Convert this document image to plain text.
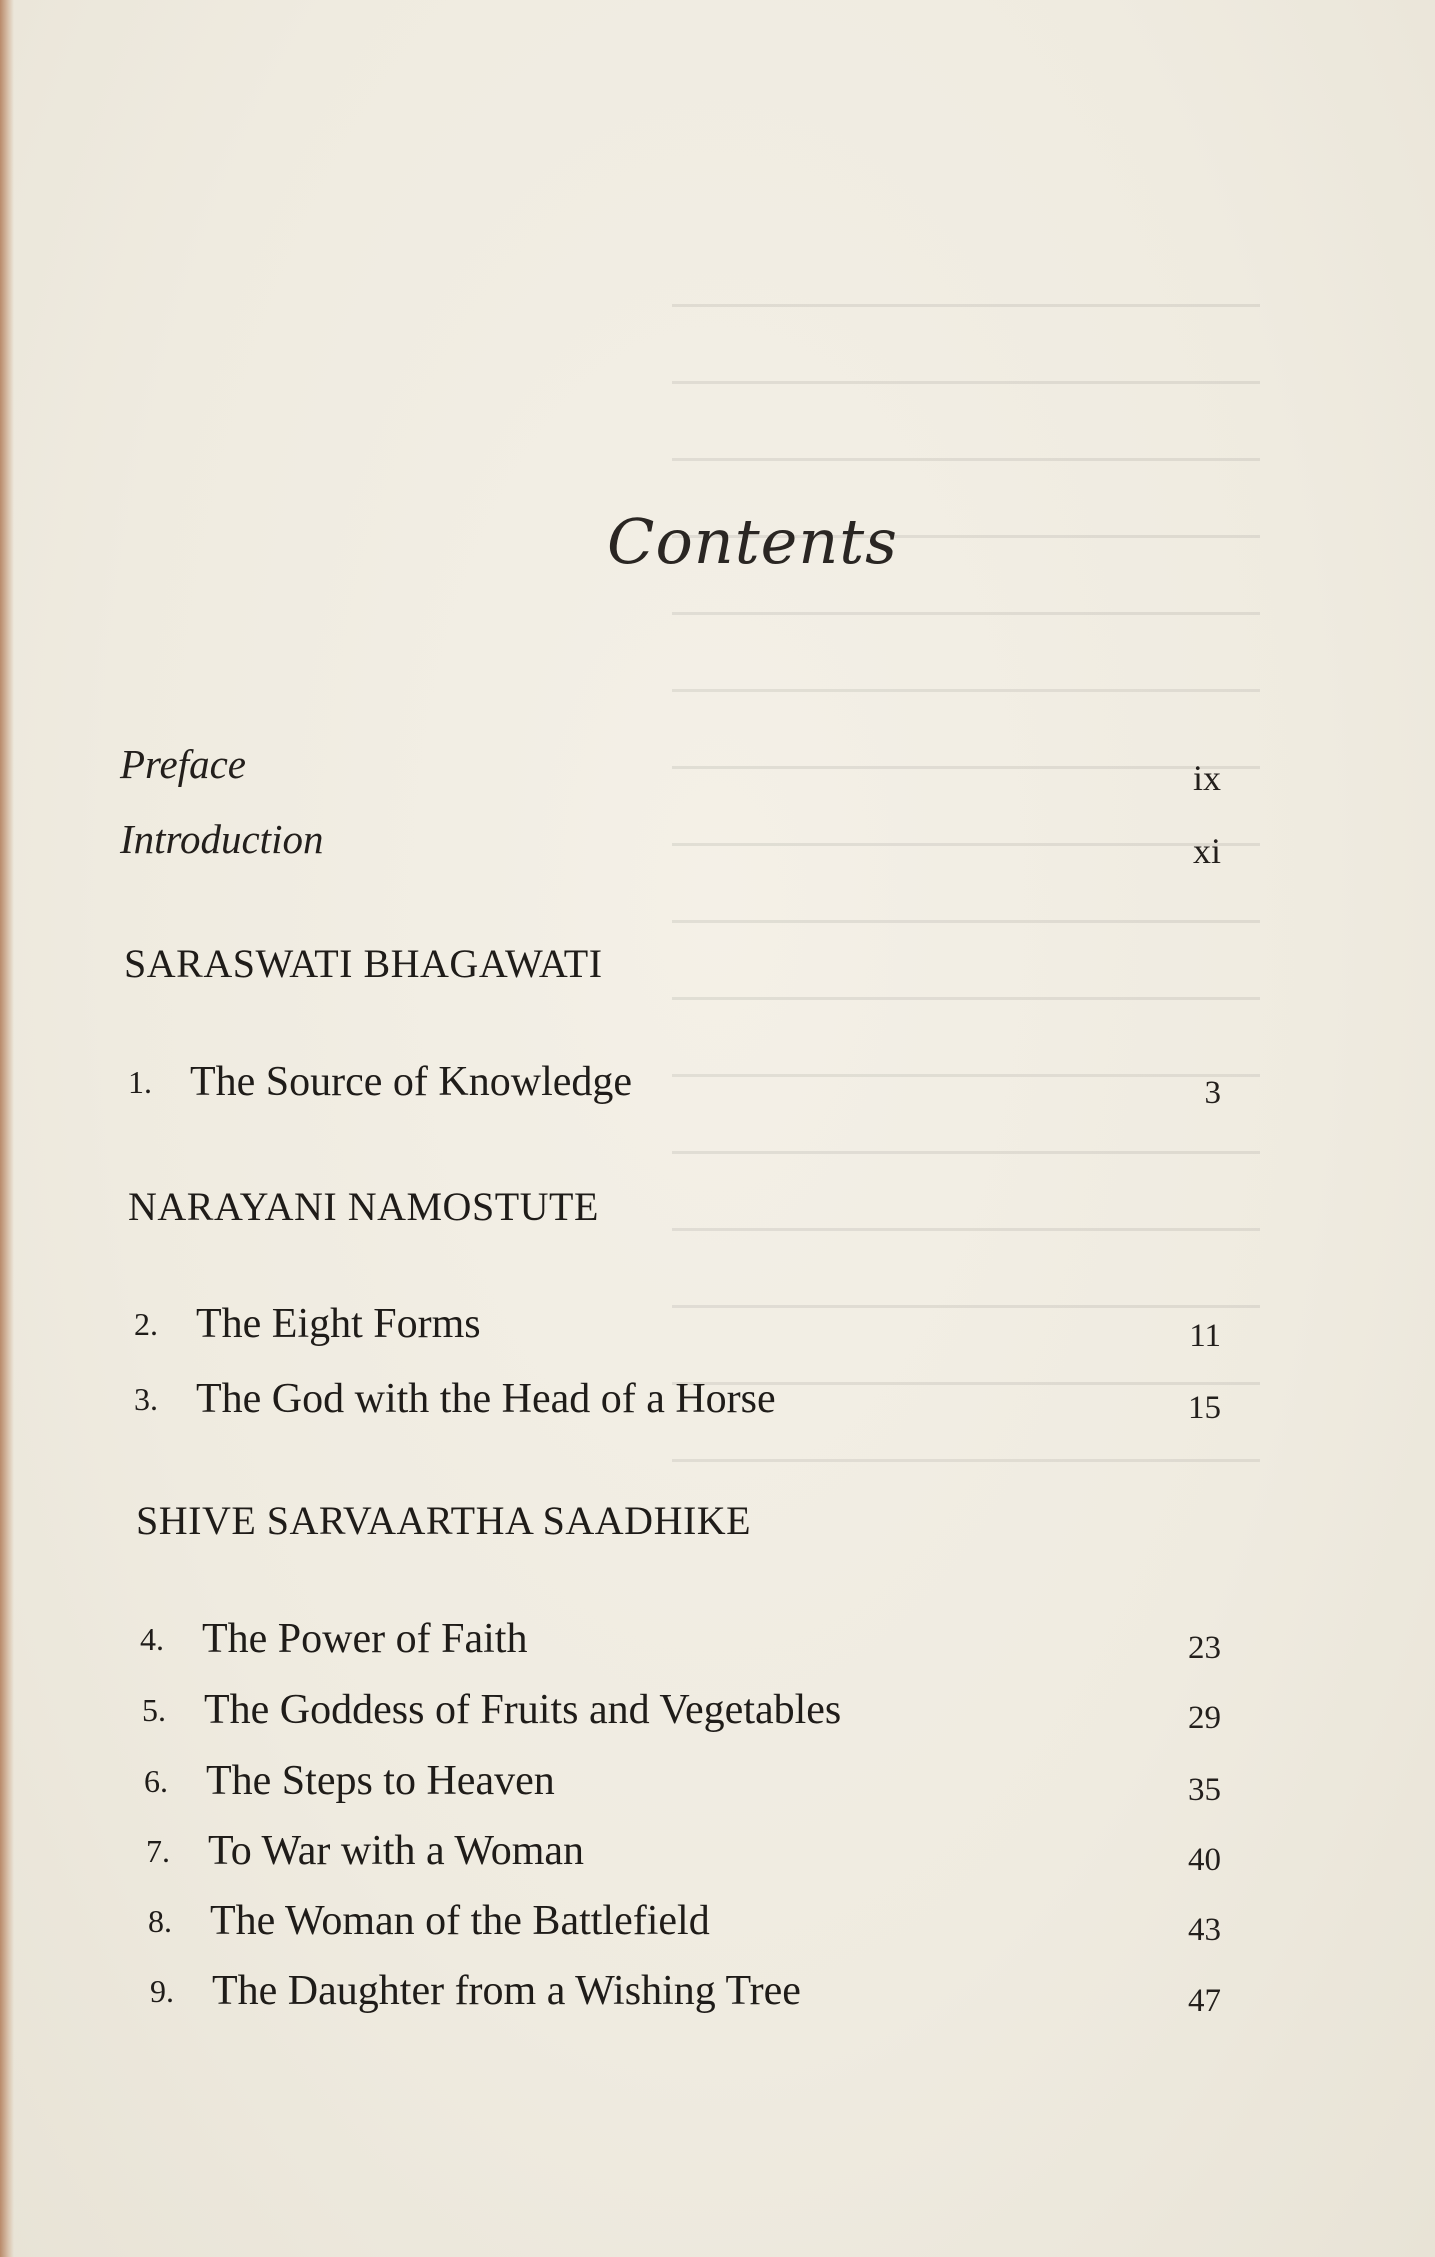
Contents
Preface	ix
Introduction	xi
SARASWATI BHAGAWATI
1. The Source of Knowledge	3
NARAYANI NAMOSTUTE
2. The Eight Forms	11
3. The God with the Head of a Horse	15
SHIVE SARVAARTHA SAADHIKE
4. The Power of Faith	23
5. The Goddess of Fruits and Vegetables	29
6. The Steps to Heaven	35
7. To War with a Woman	40
8. The Woman of the Battlefield	43
9. The Daughter from a Wishing Tree	47
